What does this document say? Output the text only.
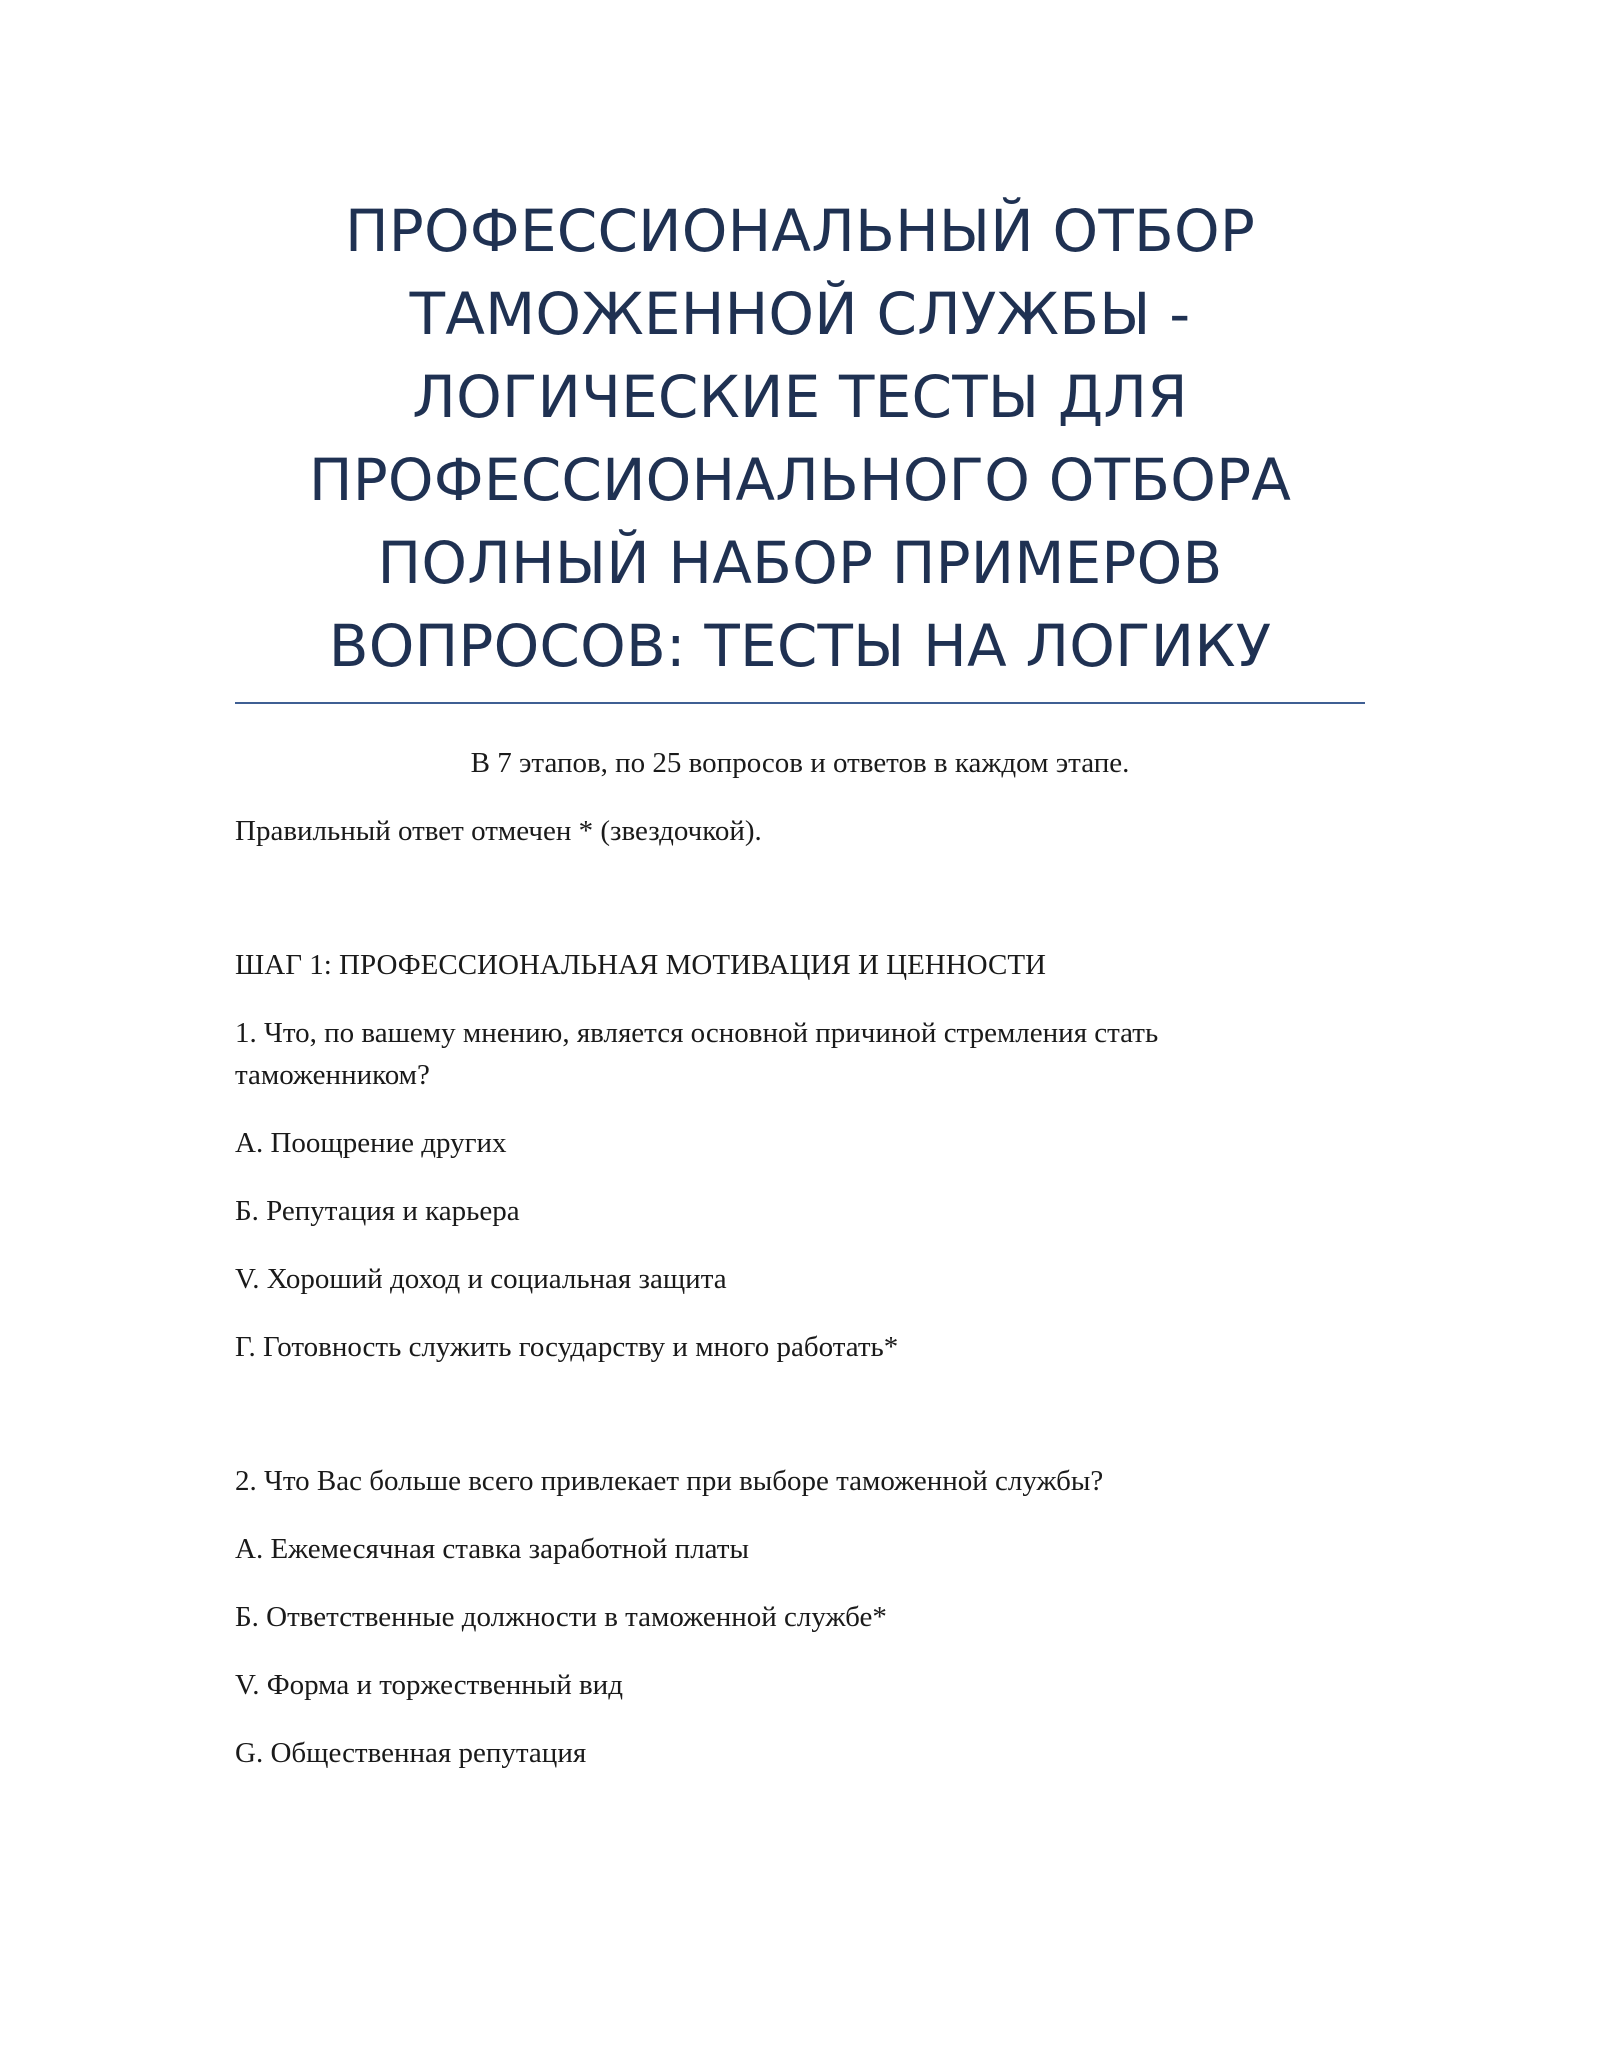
ПРОФЕССИОНАЛЬНЫЙ ОТБОР
ТАМОЖЕННОЙ СЛУЖБЫ -
ЛОГИЧЕСКИЕ ТЕСТЫ ДЛЯ
ПРОФЕССИОНАЛЬНОГО ОТБОРА
ПОЛНЫЙ НАБОР ПРИМЕРОВ
ВОПРОСОВ: ТЕСТЫ НА ЛОГИКУ

В 7 этапов, по 25 вопросов и ответов в каждом этапе.

Правильный ответ отмечен * (звездочкой).

ШАГ 1: ПРОФЕССИОНАЛЬНАЯ МОТИВАЦИЯ И ЦЕННОСТИ

1. Что, по вашему мнению, является основной причиной стремления стать таможенником?

A. Поощрение других

Б. Репутация и карьера

V. Хороший доход и социальная защита

Г. Готовность служить государству и много работать*

2. Что Вас больше всего привлекает при выборе таможенной службы?

A. Ежемесячная ставка заработной платы

Б. Ответственные должности в таможенной службе*

V. Форма и торжественный вид

G. Общественная репутация
